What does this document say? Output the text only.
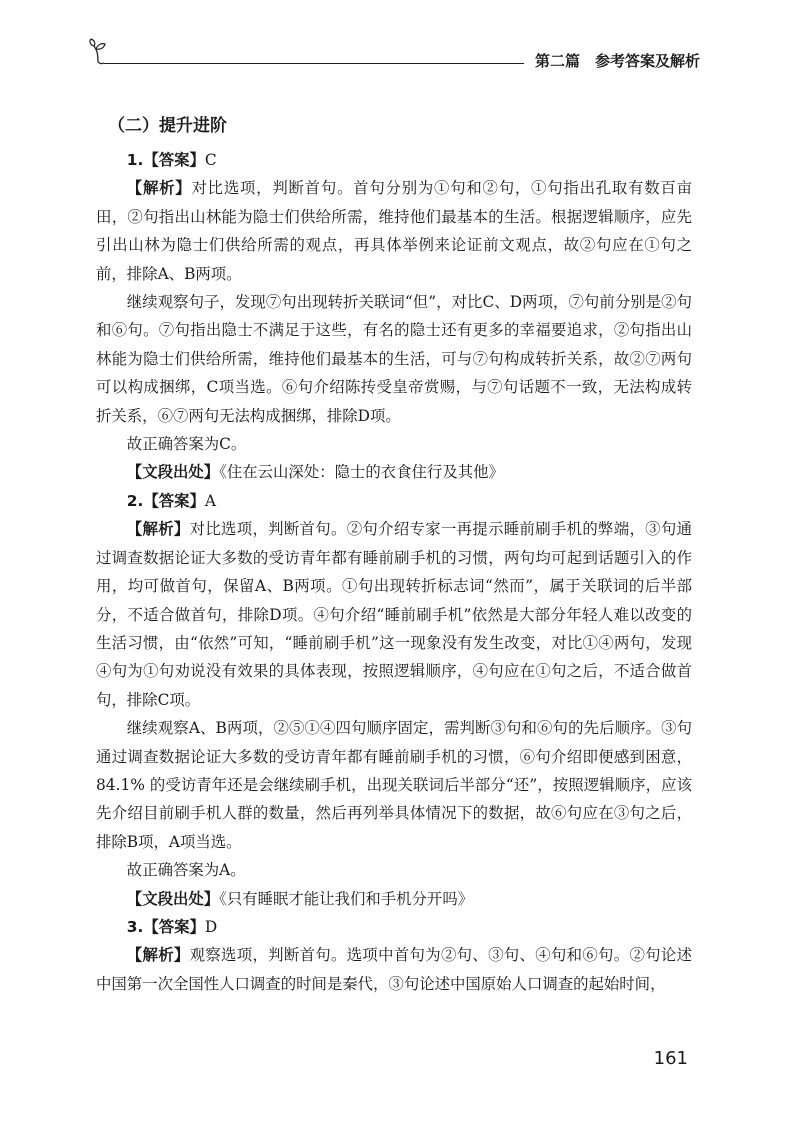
第二篇　参考答案及解析
（二）提升进阶

1.【答案】C

【解析】对比选项，判断首句。首句分别为①句和②句，①句指出孔取有数百亩田，②句指出山林能为隐士们供给所需，维持他们最基本的生活。根据逻辑顺序，应先引出山林为隐士们供给所需的观点，再具体举例来论证前文观点，故②句应在①句之前，排除A、B两项。

继续观察句子，发现⑦句出现转折关联词“但”，对比C、D两项，⑦句前分别是②句和⑥句。⑦句指出隐士不满足于这些，有名的隐士还有更多的幸福要追求，②句指出山林能为隐士们供给所需，维持他们最基本的生活，可与⑦句构成转折关系，故②⑦两句可以构成捆绑，C项当选。⑥句介绍陈抟受皇帝赏赐，与⑦句话题不一致，无法构成转折关系，⑥⑦两句无法构成捆绑，排除D项。

故正确答案为C。

【文段出处】《住在云山深处：隐士的衣食住行及其他》

2.【答案】A

【解析】对比选项，判断首句。②句介绍专家一再提示睡前刷手机的弊端，③句通过调查数据论证大多数的受访青年都有睡前刷手机的习惯，两句均可起到话题引入的作用，均可做首句，保留A、B两项。①句出现转折标志词“然而”，属于关联词的后半部分，不适合做首句，排除D项。④句介绍“睡前刷手机”依然是大部分年轻人难以改变的生活习惯，由“依然”可知，“睡前刷手机”这一现象没有发生改变，对比①④两句，发现④句为①句劝说没有效果的具体表现，按照逻辑顺序，④句应在①句之后，不适合做首句，排除C项。

继续观察A、B两项，②⑤①④四句顺序固定，需判断③句和⑥句的先后顺序。③句通过调查数据论证大多数的受访青年都有睡前刷手机的习惯，⑥句介绍即便感到困意，84.1% 的受访青年还是会继续刷手机，出现关联词后半部分“还”，按照逻辑顺序，应该先介绍目前刷手机人群的数量，然后再列举具体情况下的数据，故⑥句应在③句之后，排除B项，A项当选。

故正确答案为A。

【文段出处】《只有睡眠才能让我们和手机分开吗》

3.【答案】D

【解析】观察选项，判断首句。选项中首句为②句、③句、④句和⑥句。②句论述中国第一次全国性人口调查的时间是秦代，③句论述中国原始人口调查的起始时间，

161
